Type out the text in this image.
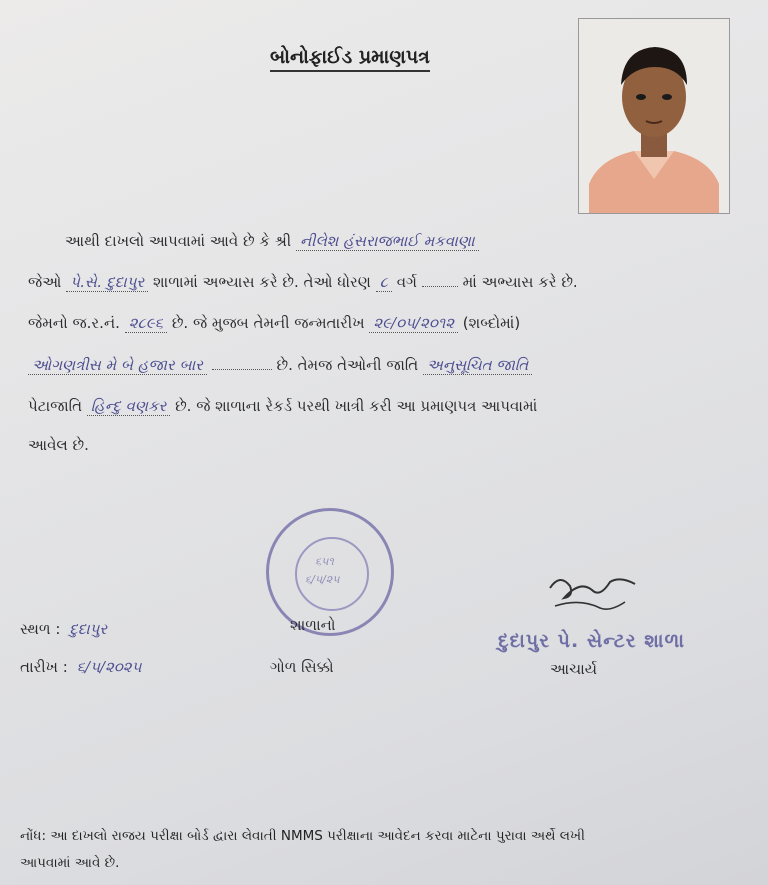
બોનોફાઈડ પ્રમાણપત્ર
આથી દાખલો આપવામાં આવે છે કે શ્રી નીલેશ હંસરાજભાઈ મકવાણા
જેઓ પે.સે. દુદાપુર શાળામાં અભ્યાસ કરે છે. તેઓ ધોરણ ૮ વર્ગ	માં અભ્યાસ કરે છે.
જેમનો જ.ર.નં. ૨૮૯૬ છે. જે મુજબ તેમની જન્મતારીખ ૨૯/૦૫/૨૦૧૨ (શબ્દોમાં)
ઓગણત્રીસ મે બે હજાર બાર	છે. તેમજ તેઓની જાતિ અનુસૂચિત જાતિ
પેટાજાતિ હિન્દુ વણકર છે. જે શાળાના રેકર્ડ પરથી ખાત્રી કરી આ પ્રમાણપત્ર આપવામાં
આવેલ છે.
૬૫૧
૬/૫/૨૫
સ્થળ : દુદાપુર
તારીખ : ૬/૫/૨૦૨૫
શાળાનો
ગોળ સિક્કો
દુદાપુર પે. સેન્ટર શાળા
આચાર્ય
નોંધ: આ દાખલો રાજય પરીક્ષા બોર્ડ દ્વારા લેવાતી NMMS પરીક્ષાના આવેદન કરવા માટેના પુરાવા અર્થે લખી
આપવામાં આવે છે.
